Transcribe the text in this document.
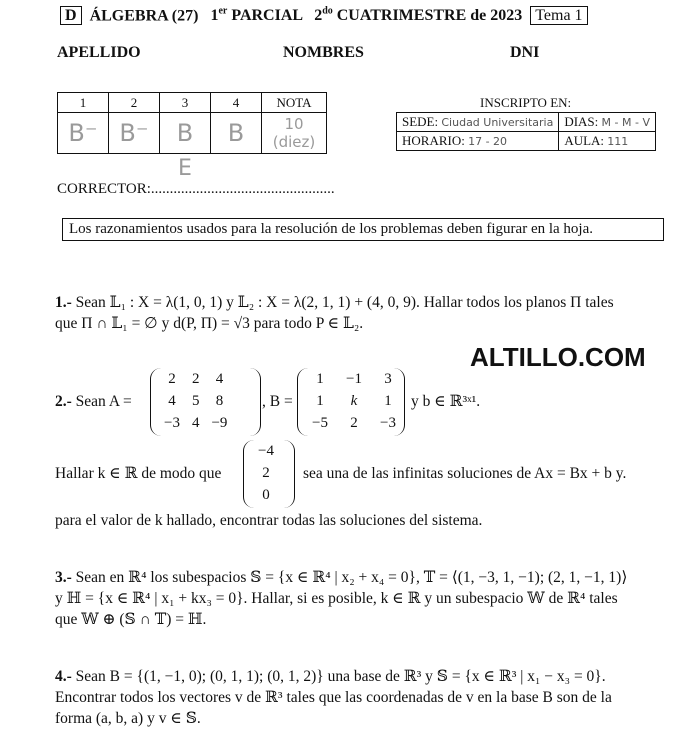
D ÁLGEBRA (27) 1er PARCIAL $2^{do}$ CUATRIMESTRE de 2023 Tema 1
APELLIDO	NOMBRES	DNI
1	2	3	4	NOTA
B⁻	B⁻	B	B	10 (diez)
INSCRIPTO EN:
SEDE: Ciudad Universitaria	DIAS: M - M - V
HORARIO: 17 - 20	AULA: 111
E
CORRECTOR:.................................................
Los razonamientos usados para la resolución de los problemas deben figurar en la hoja.
1.- Sean 𝕃₁ : X = λ(1, 0, 1) y 𝕃₂ : X = λ(2, 1, 1) + (4, 0, 9). Hallar todos los planos Π tales
que Π ∩ 𝕃₁ = ∅ y d(P, Π) = √3 para todo P ∈ 𝕃₂.
ALTILLO.COM
2.- Sean A =
2	2	4
4	5	8
−3	4	−9
, B =
1	−1	3
1	k	1
−5	2	−3
y b ∈ ℝ³ˣ¹.
Hallar k ∈ ℝ de modo que
−4
2
0
sea una de las infinitas soluciones de Ax = Bx + b y.
para el valor de k hallado, encontrar todas las soluciones del sistema.
3.- Sean en ℝ⁴ los subespacios 𝕊 = {x ∈ ℝ⁴ | x₂ + x₄ = 0}, 𝕋 = ⟨(1, −3, 1, −1); (2, 1, −1, 1)⟩
y ℍ = {x ∈ ℝ⁴ | x₁ + kx₃ = 0}. Hallar, si es posible, k ∈ ℝ y un subespacio 𝕎 de ℝ⁴ tales
que 𝕎 ⊕ (𝕊 ∩ 𝕋) = ℍ.
4.- Sean B = {(1, −1, 0); (0, 1, 1); (0, 1, 2)} una base de ℝ³ y 𝕊 = {x ∈ ℝ³ | x₁ − x₃ = 0}.
Encontrar todos los vectores v de ℝ³ tales que las coordenadas de v en la base B son de la
forma (a, b, a) y v ∈ 𝕊.
